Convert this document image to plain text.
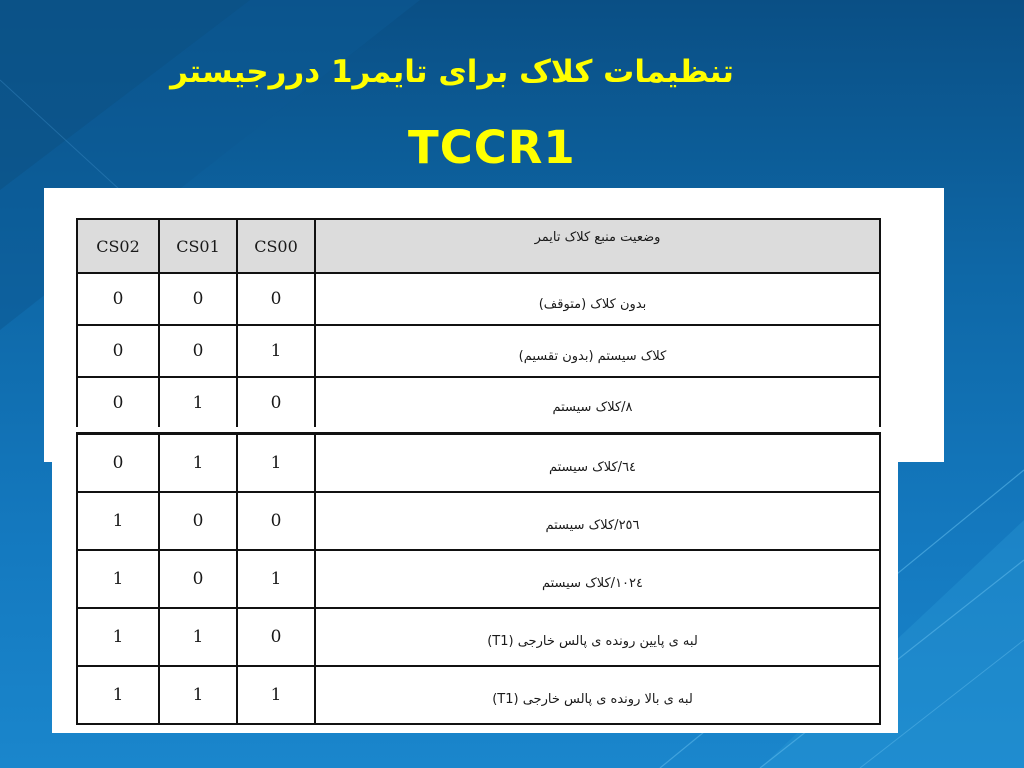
تنظیمات کلاک برای تایمر1 دررجیستر
TCCR1
CS02	CS01	CS00	وضعیت منبع کلاک تایمر
0	0	0	بدون کلاک (متوقف)
0	0	1	کلاک سیستم (بدون تقسیم)
0	1	0	۸/کلاک سیستم
0	1	1	٦٤/کلاک سیستم
1	0	0	٢٥٦/کلاک سیستم
1	0	1	١٠٢٤/کلاک سیستم
1	1	0	لبه ی پایین رونده ی پالس خارجی (T1)
1	1	1	لبه ی بالا رونده ی پالس خارجی (T1)
